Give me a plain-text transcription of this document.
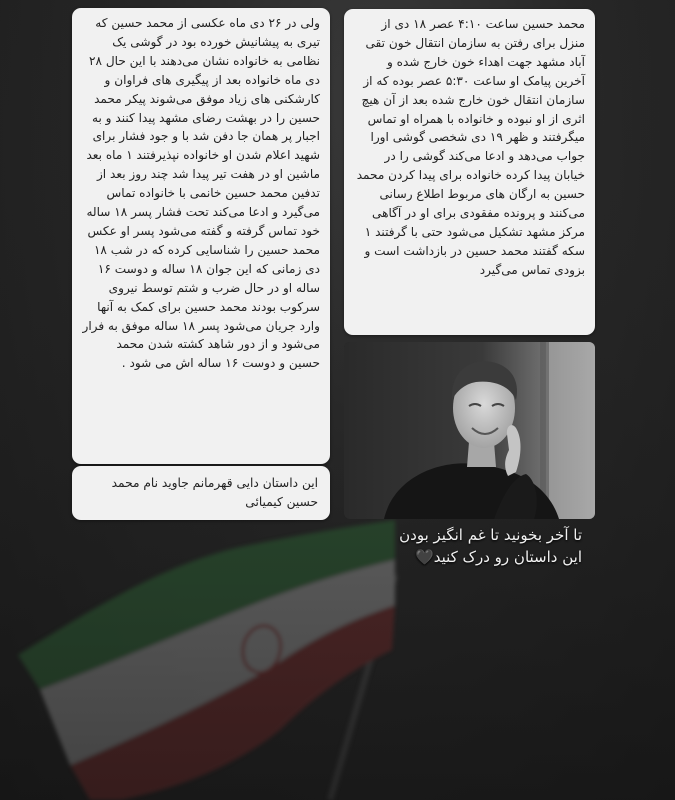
ولی در ۲۶ دی ماه عکسی از محمد حسین که تیری به پیشانیش خورده بود در گوشی یک نظامی به خانواده نشان می‌دهند با این حال ۲۸ دی ماه خانواده بعد از پیگیری های فراوان و کارشکنی های زیاد موفق می‌شوند پیکر محمد حسین را در بهشت رضای مشهد پیدا کنند و به اجبار پر همان جا دفن شد با و جود فشار برای شهید اعلام شدن او خانواده نپذیرفتند ۱ ماه بعد ماشین او در هفت تیر پیدا شد چند روز بعد از تدفین محمد حسین خانمی با خانواده تماس می‌گیرد و ادعا می‌کند تحت فشار پسر ۱۸ ساله خود تماس گرفته و گفته می‌شود پسر او عکس محمد حسین را شناسایی کرده که در شب ۱۸ دی زمانی که این جوان ۱۸ ساله و دوست ۱۶ ساله او در حال ضرب و شتم توسط نیروی سرکوب بودند محمد حسین برای کمک به آنها وارد جریان می‌شود پسر ۱۸ ساله موفق به فرار می‌شود و از دور شاهد کشته شدن محمد حسین و دوست ۱۶ ساله اش می شود .

این داستان دایی قهرمانم جاوید نام محمد حسین کیمیائی

محمد حسین ساعت ۴:۱۰ عصر ۱۸ دی از منزل برای رفتن به سازمان انتقال خون تقی آباد مشهد جهت اهداء خون خارج شده و آخرین پیامک او ساعت ۵:۳۰ عصر بوده که از سازمان انتقال خون خارج شده بعد از آن هیچ اثری از او نبوده و خانواده با همراه او تماس میگرفتند و ظهر ۱۹ دی شخصی گوشی اورا جواب می‌دهد و ادعا می‌کند گوشی را در خیابان پیدا کرده خانواده برای پیدا کردن محمد حسین به ارگان های مربوط اطلاع رسانی می‌کنند و پرونده مفقودی برای او در آگاهی مرکز مشهد تشکیل می‌شود حتی با گرفتند ۱ سکه گفتند محمد حسین در بازداشت است و بزودی تماس می‌گیرد

تا آخر بخونید تا غم انگیز بودن
این داستان رو درک کنید🖤
